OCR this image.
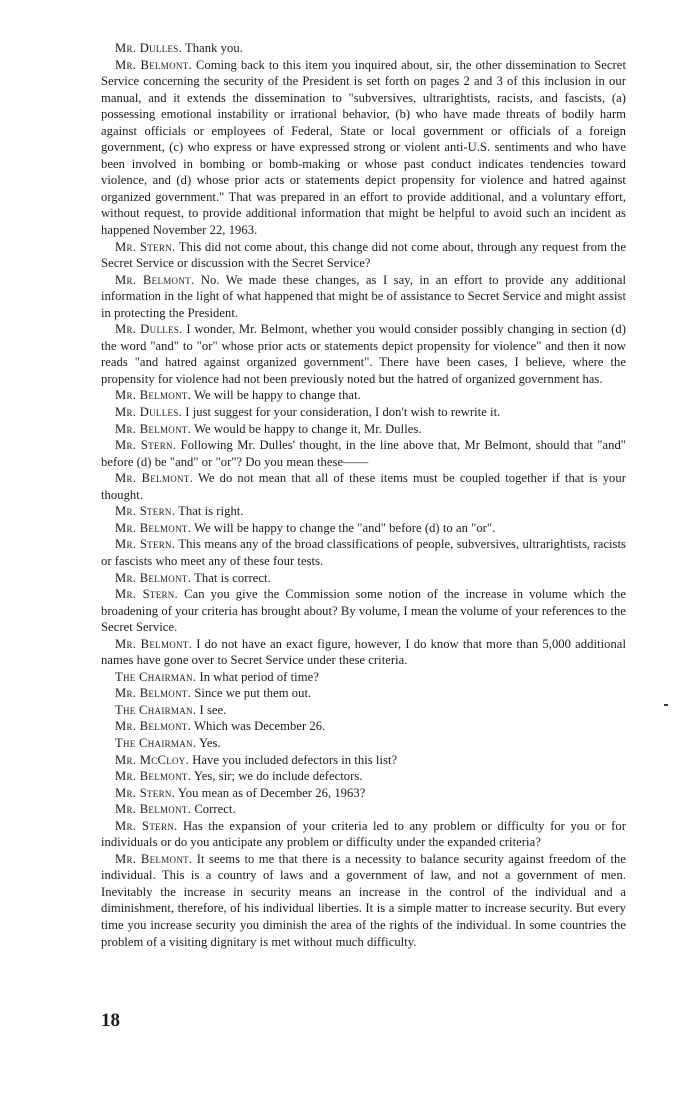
Mr. Dulles. Thank you.

Mr. Belmont. Coming back to this item you inquired about, sir, the other dissemination to Secret Service concerning the security of the President is set forth on pages 2 and 3 of this inclusion in our manual, and it extends the dissemination to "subversives, ultrarightists, racists, and fascists, (a) possessing emotional instability or irrational behavior, (b) who have made threats of bodily harm against officials or employees of Federal, State or local government or officials of a foreign government, (c) who express or have expressed strong or violent anti-U.S. sentiments and who have been involved in bombing or bomb-making or whose past conduct indicates tendencies toward violence, and (d) whose prior acts or statements depict propensity for violence and hatred against organized government." That was prepared in an effort to provide additional, and a voluntary effort, without request, to provide additional information that might be helpful to avoid such an incident as happened November 22, 1963.

Mr. Stern. This did not come about, this change did not come about, through any request from the Secret Service or discussion with the Secret Service?

Mr. Belmont. No. We made these changes, as I say, in an effort to provide any additional information in the light of what happened that might be of assistance to Secret Service and might assist in protecting the President.

Mr. Dulles. I wonder, Mr. Belmont, whether you would consider possibly changing in section (d) the word "and" to "or" whose prior acts or statements depict propensity for violence" and then it now reads "and hatred against organized government". There have been cases, I believe, where the propensity for violence had not been previously noted but the hatred of organized government has.

Mr. Belmont. We will be happy to change that.

Mr. Dulles. I just suggest for your consideration, I don't wish to rewrite it.

Mr. Belmont. We would be happy to change it, Mr. Dulles.

Mr. Stern. Following Mr. Dulles' thought, in the line above that, Mr Belmont, should that "and" before (d) be "and" or "or"? Do you mean these——

Mr. Belmont. We do not mean that all of these items must be coupled together if that is your thought.

Mr. Stern. That is right.

Mr. Belmont. We will be happy to change the "and" before (d) to an "or".

Mr. Stern. This means any of the broad classifications of people, subversives, ultrarightists, racists or fascists who meet any of these four tests.

Mr. Belmont. That is correct.

Mr. Stern. Can you give the Commission some notion of the increase in volume which the broadening of your criteria has brought about? By volume, I mean the volume of your references to the Secret Service.

Mr. Belmont. I do not have an exact figure, however, I do know that more than 5,000 additional names have gone over to Secret Service under these criteria.

The Chairman. In what period of time?

Mr. Belmont. Since we put them out.

The Chairman. I see.

Mr. Belmont. Which was December 26.

The Chairman. Yes.

Mr. McCloy. Have you included defectors in this list?

Mr. Belmont. Yes, sir; we do include defectors.

Mr. Stern. You mean as of December 26, 1963?

Mr. Belmont. Correct.

Mr. Stern. Has the expansion of your criteria led to any problem or difficulty for you or for individuals or do you anticipate any problem or difficulty under the expanded criteria?

Mr. Belmont. It seems to me that there is a necessity to balance security against freedom of the individual. This is a country of laws and a government of law, and not a government of men. Inevitably the increase in security means an increase in the control of the individual and a diminishment, therefore, of his individual liberties. It is a simple matter to increase security. But every time you increase security you diminish the area of the rights of the individual. In some countries the problem of a visiting dignitary is met without much difficulty.

18
